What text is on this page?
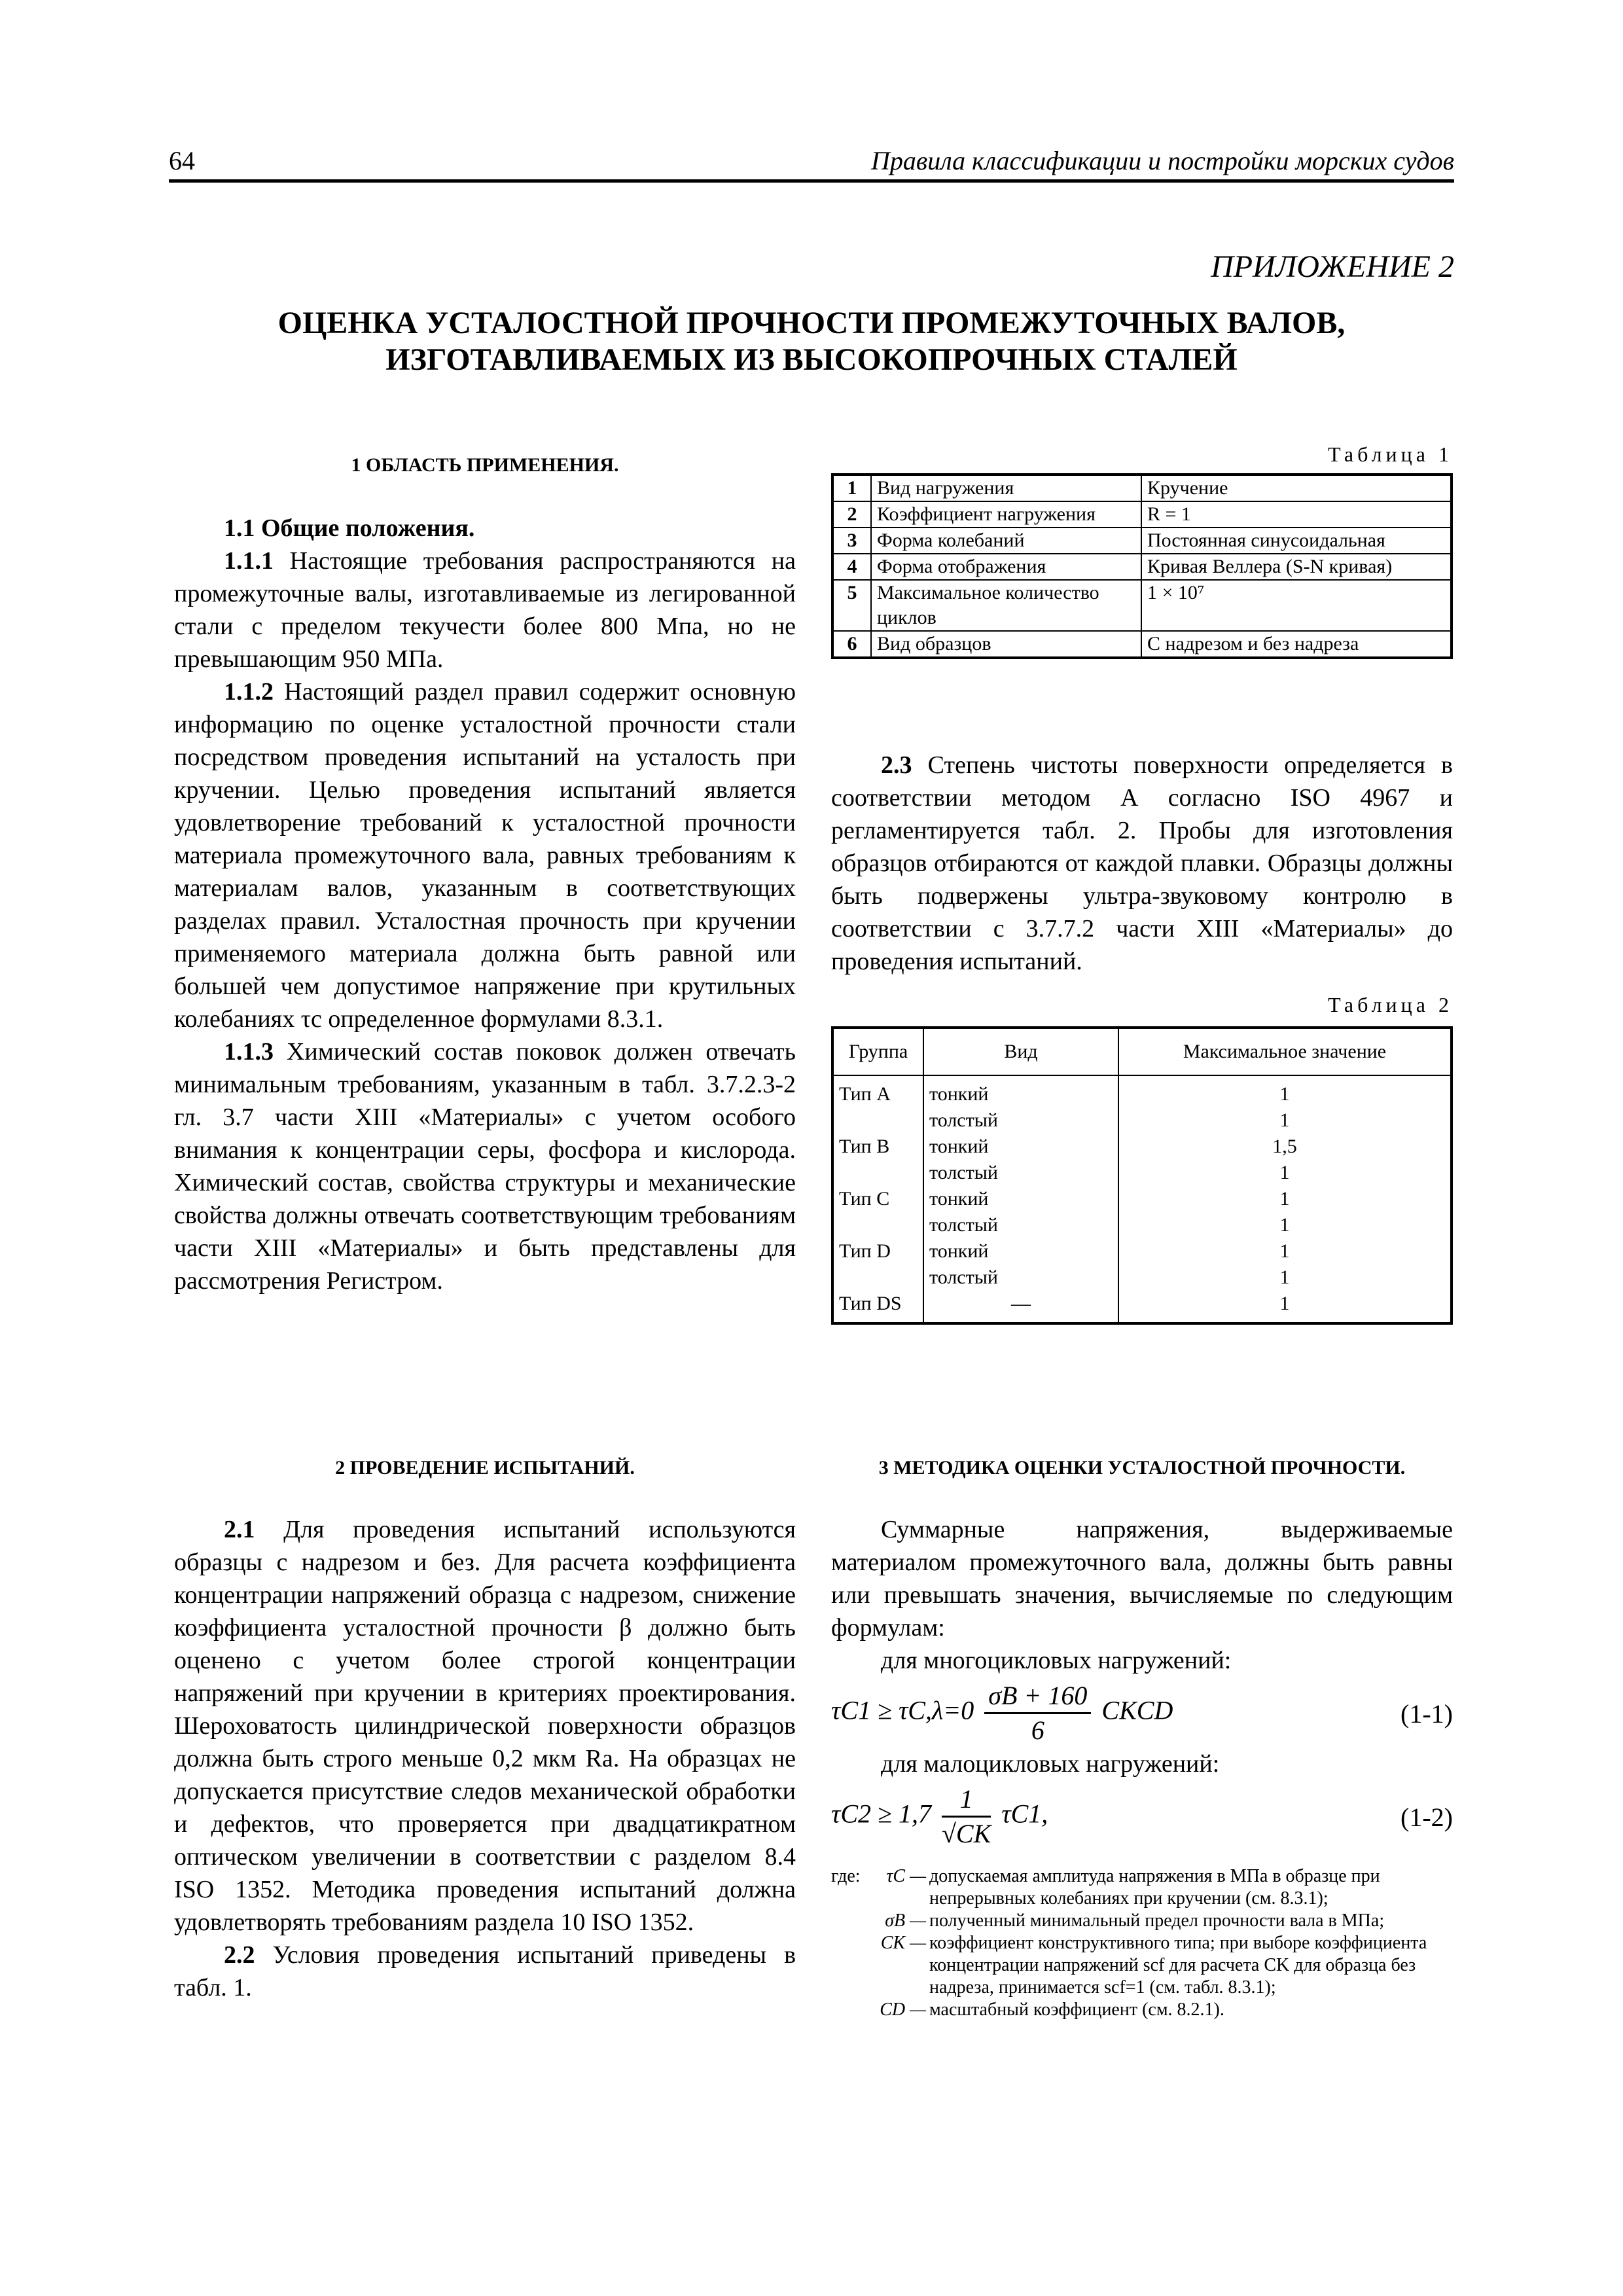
64	Правила классификации и постройки морских судов
ПРИЛОЖЕНИЕ 2
ОЦЕНКА УСТАЛОСТНОЙ ПРОЧНОСТИ ПРОМЕЖУТОЧНЫХ ВАЛОВ,
ИЗГОТАВЛИВАЕМЫХ ИЗ ВЫСОКОПРОЧНЫХ СТАЛЕЙ
1 ОБЛАСТЬ ПРИМЕНЕНИЯ.
1.1 Общие положения.

1.1.1 Настоящие требования распространяются на промежуточные валы, изготавливаемые из легированной стали с пределом текучести более 800 Мпа, но не превышающим 950 МПа.

1.1.2 Настоящий раздел правил содержит основную информацию по оценке усталостной прочности стали посредством проведения испытаний на усталость при кручении. Целью проведения испытаний является удовлетворение требований к усталостной прочности материала промежуточного вала, равных требованиям к материалам валов, указанным в соответствующих разделах правил. Усталостная прочность при кручении применяемого материала должна быть равной или большей чем допустимое напряжение при крутильных колебаниях τc определенное формулами 8.3.1.

1.1.3 Химический состав поковок должен отвечать минимальным требованиям, указанным в табл. 3.7.2.3-2 гл. 3.7 части XIII «Материалы» с учетом особого внимания к концентрации серы, фосфора и кислорода. Химический состав, свойства структуры и механические свойства должны отвечать соответствующим требованиям части XIII «Материалы» и быть представлены для рассмотрения Регистром.

Таблица 1
1	Вид нагружения	Кручение
2	Коэффициент нагружения	R = 1
3	Форма колебаний	Постоянная синусоидальная
4	Форма отображения	Кривая Веллера (S-N кривая)
5	Максимальное количество циклов	1 × 10⁷
6	Вид образцов	С надрезом и без надреза

2.3 Степень чистоты поверхности определяется в соответствии методом А согласно ISO 4967 и регламентируется табл. 2. Пробы для изготовления образцов отбираются от каждой плавки. Образцы должны быть подвержены ультра-звуковому контролю в соответствии с 3.7.7.2 части XIII «Материалы» до проведения испытаний.

Таблица 2
Группа	Вид	Максимальное значение
Тип A	тонкий	1
	толстый	1
Тип B	тонкий	1,5
	толстый	1
Тип C	тонкий	1
	толстый	1
Тип D	тонкий	1
	толстый	1
Тип DS	—	1
2 ПРОВЕДЕНИЕ ИСПЫТАНИЙ.

2.1 Для проведения испытаний используются образцы с надрезом и без. Для расчета коэффициента концентрации напряжений образца с надрезом, снижение коэффициента усталостной прочности β должно быть оценено с учетом более строгой концентрации напряжений при кручении в критериях проектирования. Шероховатость цилиндрической поверхности образцов должна быть строго меньше 0,2 мкм Ra. На образцах не допускается присутствие следов механической обработки и дефектов, что проверяется при двадцатикратном оптическом увеличении в соответствии с разделом 8.4 ISO 1352. Методика проведения испытаний должна удовлетворять требованиям раздела 10 ISO 1352.

2.2 Условия проведения испытаний приведены в табл. 1.

3 МЕТОДИКА ОЦЕНКИ УСТАЛОСТНОЙ ПРОЧНОСТИ.

Суммарные напряжения, выдерживаемые материалом промежуточного вала, должны быть равны или превышать значения, вычисляемые по следующим формулам:

для многоцикловых нагружений:

$\tau C1 \ge \tau C,\lambda=0 \frac{\sigma B + 160}{6}$ CKCD	(1-1)

для малоцикловых нагружений:

$\tau C2 \ge 1,7 \frac{1}{√CK} \tau C1$,	(1-2)
где:	τC — допускаемая амплитуда напряжения в МПа в образце при непрерывных колебаниях при кручении (см. 8.3.1);
σB — полученный минимальный предел прочности вала в МПа;
CK — коэффициент конструктивного типа; при выборе коэффициента концентрации напряжений scf для расчета CK для образца без надреза, принимается scf=1 (см. табл. 8.3.1);
CD — масштабный коэффициент (см. 8.2.1).
